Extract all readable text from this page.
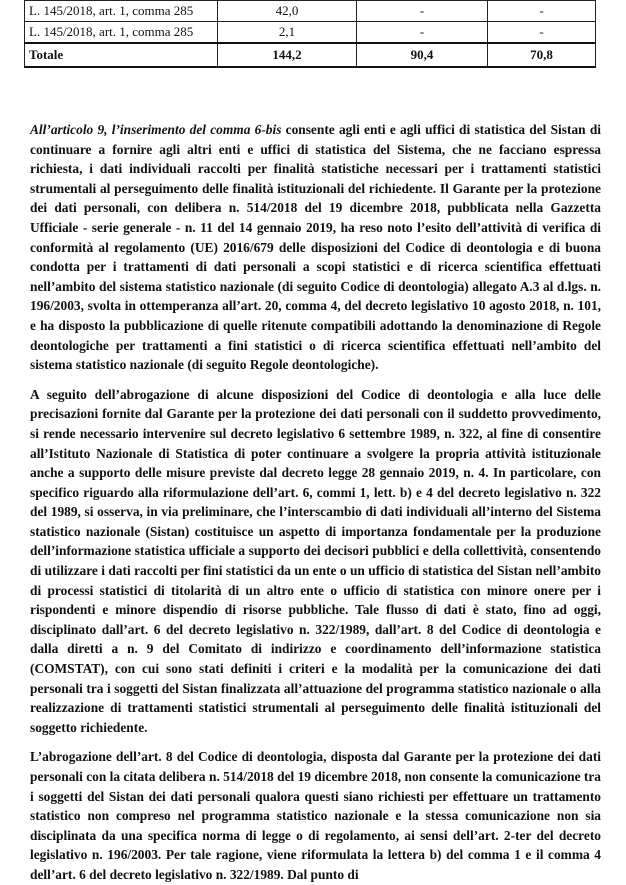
L. 145/2018, art. 1, comma 285	42,0	-	-
L. 145/2018, art. 1, comma 285	2,1	-	-
Totale	144,2	90,4	70,8

All’articolo 9, l’inserimento del comma 6-bis consente agli enti e agli uffici di statistica del Sistan di continuare a fornire agli altri enti e uffici di statistica del Sistema, che ne facciano espressa richiesta, i dati individuali raccolti per finalità statistiche necessari per i trattamenti statistici strumentali al perseguimento delle finalità istituzionali del richiedente. Il Garante per la protezione dei dati personali, con delibera n. 514/2018 del 19 dicembre 2018, pubblicata nella Gazzetta Ufficiale - serie generale - n. 11 del 14 gennaio 2019, ha reso noto l’esito dell’attività di verifica di conformità al regolamento (UE) 2016/679 delle disposizioni del Codice di deontologia e di buona condotta per i trattamenti di dati personali a scopi statistici e di ricerca scientifica effettuati nell’ambito del sistema statistico nazionale (di seguito Codice di deontologia) allegato A.3 al d.lgs. n. 196/2003, svolta in ottemperanza all’art. 20, comma 4, del decreto legislativo 10 agosto 2018, n. 101, e ha disposto la pubblicazione di quelle ritenute compatibili adottando la denominazione di Regole deontologiche per trattamenti a fini statistici o di ricerca scientifica effettuati nell’ambito del sistema statistico nazionale (di seguito Regole deontologiche).

A seguito dell’abrogazione di alcune disposizioni del Codice di deontologia e alla luce delle precisazioni fornite dal Garante per la protezione dei dati personali con il suddetto provvedimento, si rende necessario intervenire sul decreto legislativo 6 settembre 1989, n. 322, al fine di consentire all’Istituto Nazionale di Statistica di poter continuare a svolgere la propria attività istituzionale anche a supporto delle misure previste dal decreto legge 28 gennaio 2019, n. 4. In particolare, con specifico riguardo alla riformulazione dell’art. 6, commi 1, lett. b) e 4 del decreto legislativo n. 322 del 1989, si osserva, in via preliminare, che l’interscambio di dati individuali all’interno del Sistema statistico nazionale (Sistan) costituisce un aspetto di importanza fondamentale per la produzione dell’informazione statistica ufficiale a supporto dei decisori pubblici e della collettività, consentendo di utilizzare i dati raccolti per fini statistici da un ente o un ufficio di statistica del Sistan nell’ambito di processi statistici di titolarità di un altro ente o ufficio di statistica con minore onere per i rispondenti e minore dispendio di risorse pubbliche. Tale flusso di dati è stato, fino ad oggi, disciplinato dall’art. 6 del decreto legislativo n. 322/1989, dall’art. 8 del Codice di deontologia e dalla diretti a n. 9 del Comitato di indirizzo e coordinamento dell’informazione statistica (COMSTAT), con cui sono stati definiti i criteri e la modalità per la comunicazione dei dati personali tra i soggetti del Sistan finalizzata all’attuazione del programma statistico nazionale o alla realizzazione di trattamenti statistici strumentali al perseguimento delle finalità istituzionali del soggetto richiedente.

L’abrogazione dell’art. 8 del Codice di deontologia, disposta dal Garante per la protezione dei dati personali con la citata delibera n. 514/2018 del 19 dicembre 2018, non consente la comunicazione tra i soggetti del Sistan dei dati personali qualora questi siano richiesti per effettuare un trattamento statistico non compreso nel programma statistico nazionale e la stessa comunicazione non sia disciplinata da una specifica norma di legge o di regolamento, ai sensi dell’art. 2-ter del decreto legislativo n. 196/2003. Per tale ragione, viene riformulata la lettera b) del comma 1 e il comma 4 dell’art. 6 del decreto legislativo n. 322/1989. Dal punto di
